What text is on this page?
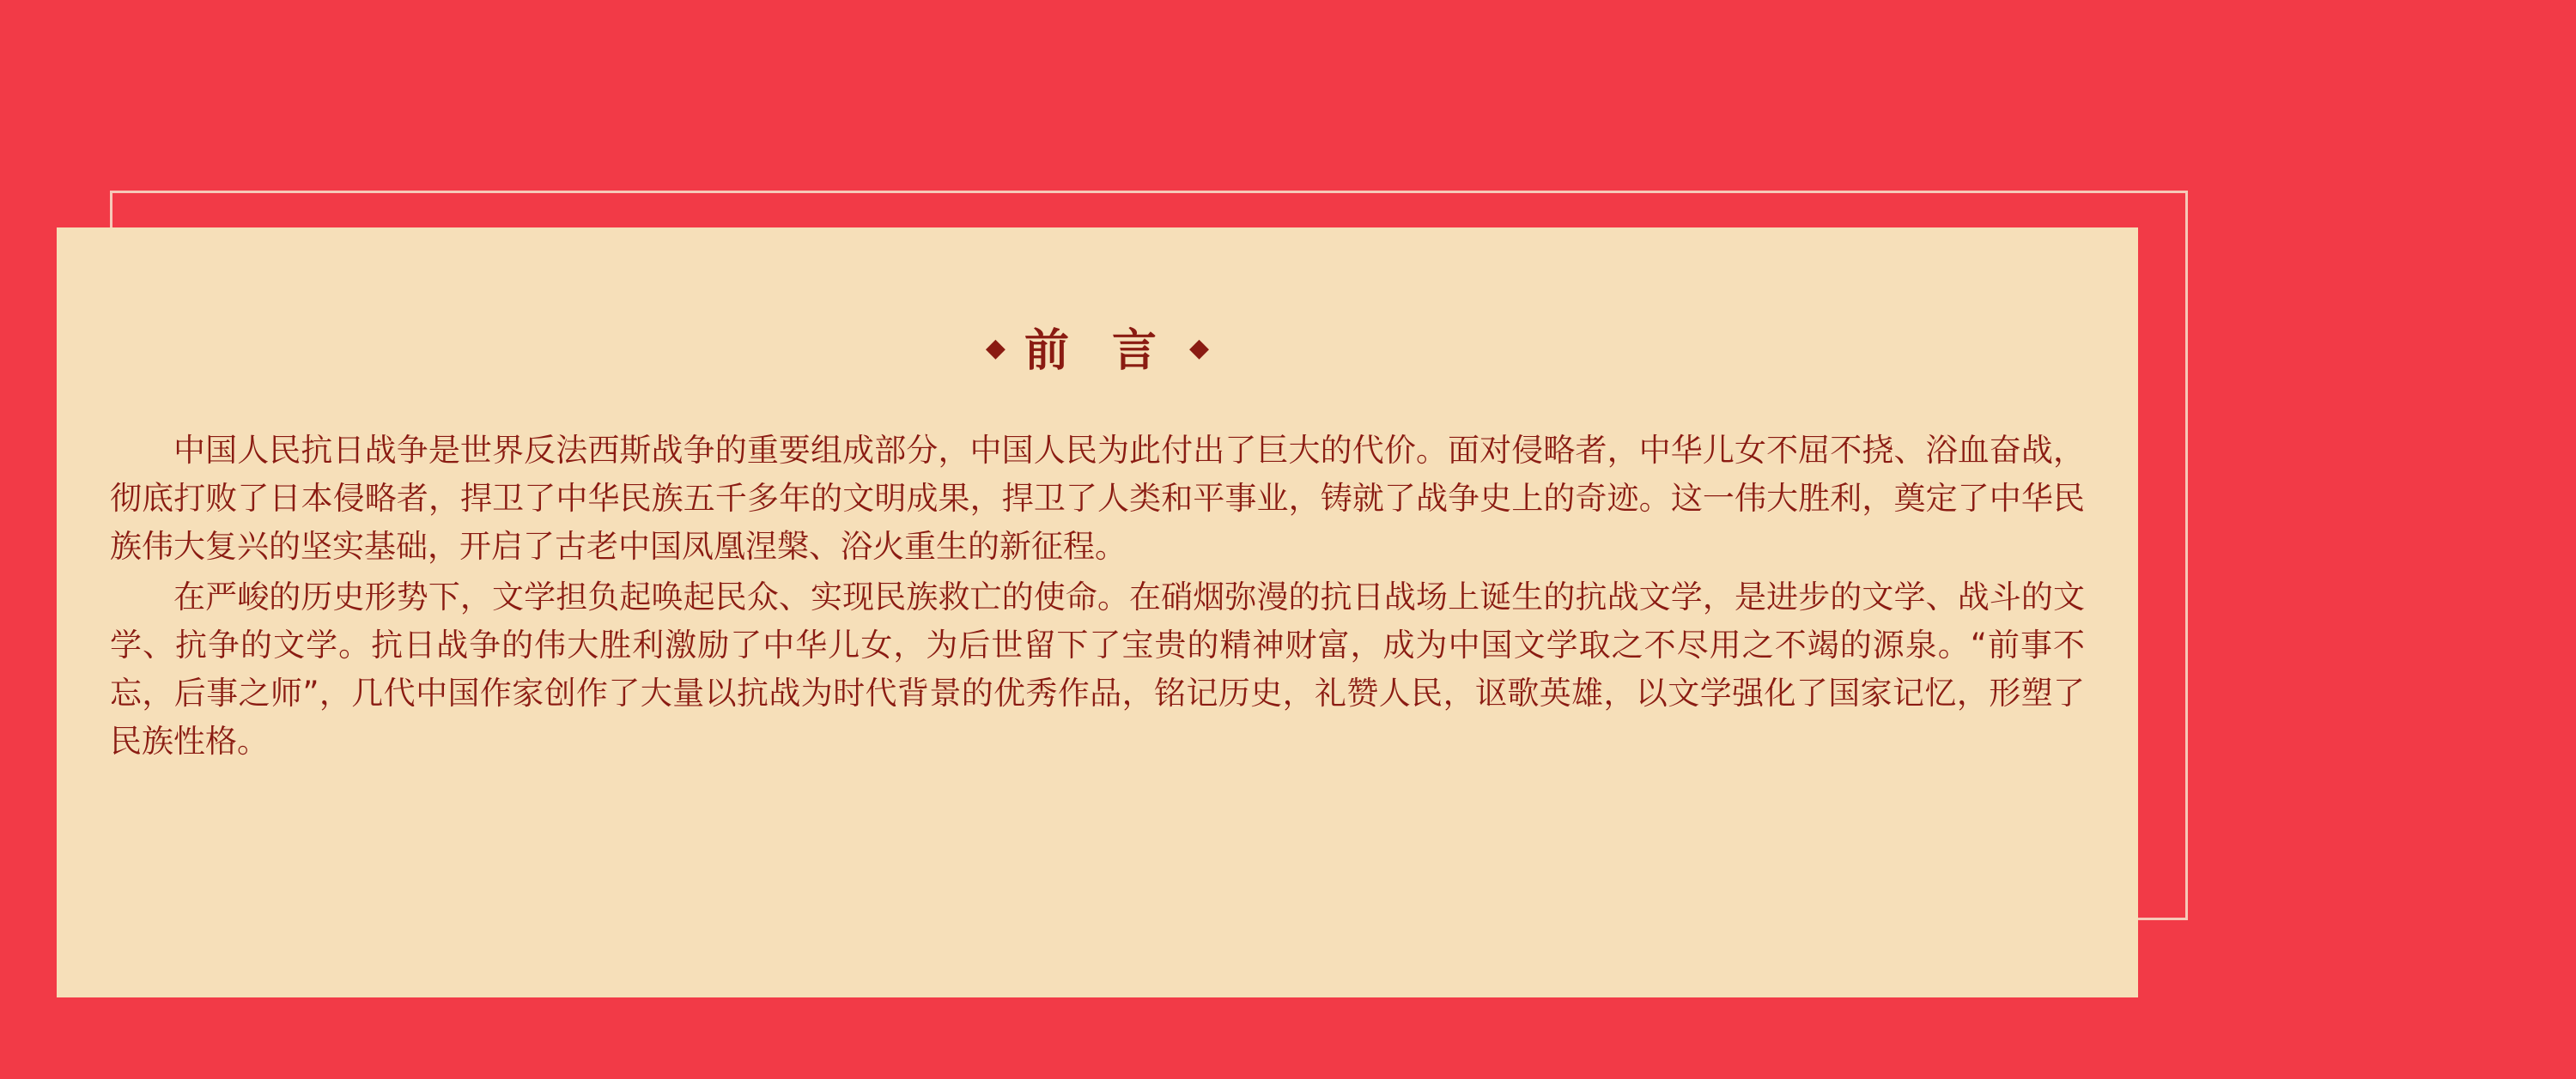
◆ 前 言 ◆

中国人民抗日战争是世界反法西斯战争的重要组成部分，中国人民为此付出了巨大的代价。面对侵略者，中华儿女不屈不挠、浴血奋战，彻底打败了日本侵略者，捍卫了中华民族五千多年的文明成果，捍卫了人类和平事业，铸就了战争史上的奇迹。这一伟大胜利，奠定了中华民族伟大复兴的坚实基础，开启了古老中国凤凰涅槃、浴火重生的新征程。

在严峻的历史形势下，文学担负起唤起民众、实现民族救亡的使命。在硝烟弥漫的抗日战场上诞生的抗战文学，是进步的文学、战斗的文学、抗争的文学。抗日战争的伟大胜利激励了中华儿女，为后世留下了宝贵的精神财富，成为中国文学取之不尽用之不竭的源泉。“前事不忘，后事之师”，几代中国作家创作了大量以抗战为时代背景的优秀作品，铭记历史，礼赞人民，讴歌英雄，以文学强化了国家记忆，形塑了民族性格。
